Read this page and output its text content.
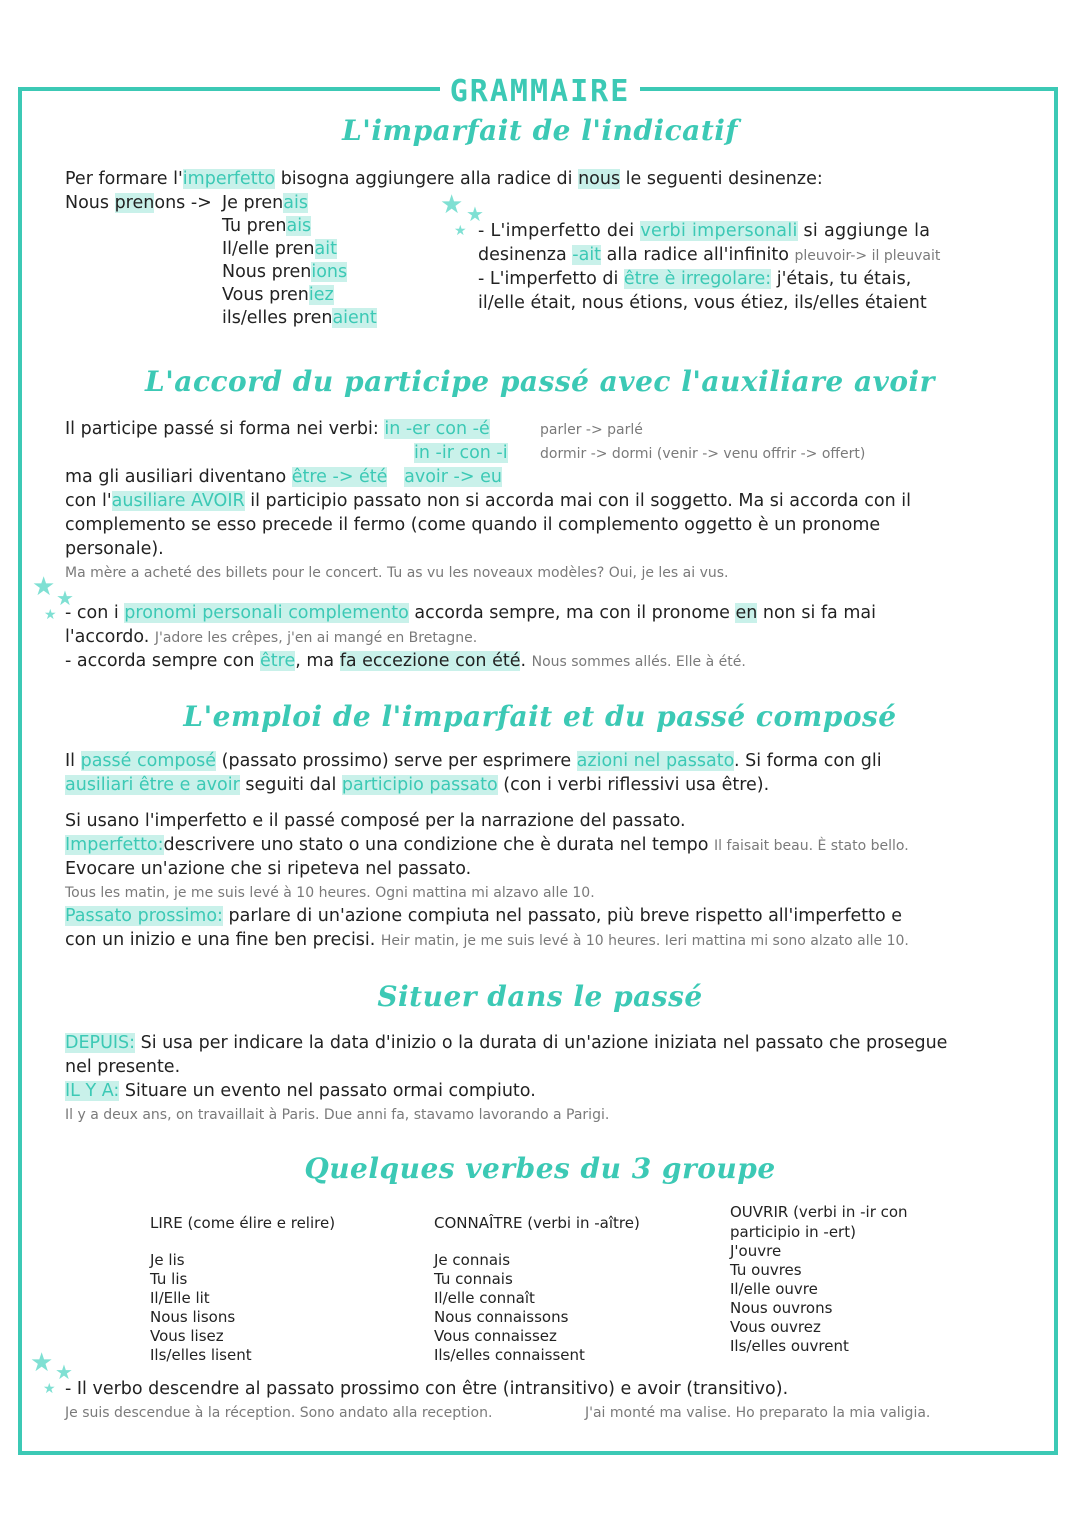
GRAMMAIRE
★ ★
★
L'imparfait de l'indicatif
Per formare l'imperfetto bisogna aggiungere alla radice di nous le seguenti desinenze:
Nous prenons -> Je prenais
Tu prenais
Il/elle prenait
Nous prenions
Vous preniez
ils/elles prenaient
- L'imperfetto dei verbi impersonali si aggiunge la
desinenza -ait alla radice all'infinito pleuvoir-> il pleuvait
- L'imperfetto di être è irregolare: j'étais, tu étais,
il/elle était, nous étions, vous étiez, ils/elles étaient
L'accord du participe passé avec l'auxiliare avoir
Il participe passé si forma nei verbi: in -er con -é	parler -> parlé
in -ir con -i dormir -> dormi (venir -> venu offrir -> offert)
ma gli ausiliari diventano être -> été avoir -> eu
con l'ausiliare AVOIR il participio passato non si accorda mai con il soggetto. Ma si accorda con il
complemento se esso precede il fermo (come quando il complemento oggetto è un pronome
personale).
Ma mère a acheté des billets pour le concert. Tu as vu les noveaux modèles? Oui, je les ai vus.
★ ★
★ - con i pronomi personali complemento accorda sempre, ma con il pronome en non si fa mai
l'accordo. J'adore les crêpes, j'en ai mangé en Bretagne.
- accorda sempre con être, ma fa eccezione con été. Nous sommes allés. Elle à été.
L'emploi de l'imparfait et du passé composé
Il passé composé (passato prossimo) serve per esprimere azioni nel passato. Si forma con gli
ausiliari être e avoir seguiti dal participio passato (con i verbi riflessivi usa être).
Si usano l'imperfetto e il passé composé per la narrazione del passato.
Imperfetto:descrivere uno stato o una condizione che è durata nel tempo Il faisait beau. È stato bello.
Evocare un'azione che si ripeteva nel passato.
Tous les matin, je me suis levé à 10 heures. Ogni mattina mi alzavo alle 10.
Passato prossimo: parlare di un'azione compiuta nel passato, più breve rispetto all'imperfetto e
con un inizio e una fine ben precisi. Heir matin, je me suis levé à 10 heures. Ieri mattina mi sono alzato alle 10.
Situer dans le passé
DEPUIS: Si usa per indicare la data d'inizio o la durata di un'azione iniziata nel passato che prosegue
nel presente.
IL Y A: Situare un evento nel passato ormai compiuto.
Il y a deux ans, on travaillait à Paris. Due anni fa, stavamo lavorando a Parigi.
Quelques verbes du 3 groupe
LIRE (come élire e relire)
Je lis
Tu lis
Il/Elle lit
Nous lisons
Vous lisez
Ils/elles lisent
CONNAÎTRE (verbi in -aître)
Je connais
Tu connais
Il/elle connaît
Nous connaissons
Vous connaissez
Ils/elles connaissent
OUVRIR (verbi in -ir con
participio in -ert)
J'ouvre
Tu ouvres
Il/elle ouvre
Nous ouvrons
Vous ouvrez
Ils/elles ouvrent
★ ★
★ - Il verbo descendre al passato prossimo con être (intransitivo) e avoir (transitivo).
Je suis descendue à la réception. Sono andato alla reception.	J'ai monté ma valise. Ho preparato la mia valigia.
